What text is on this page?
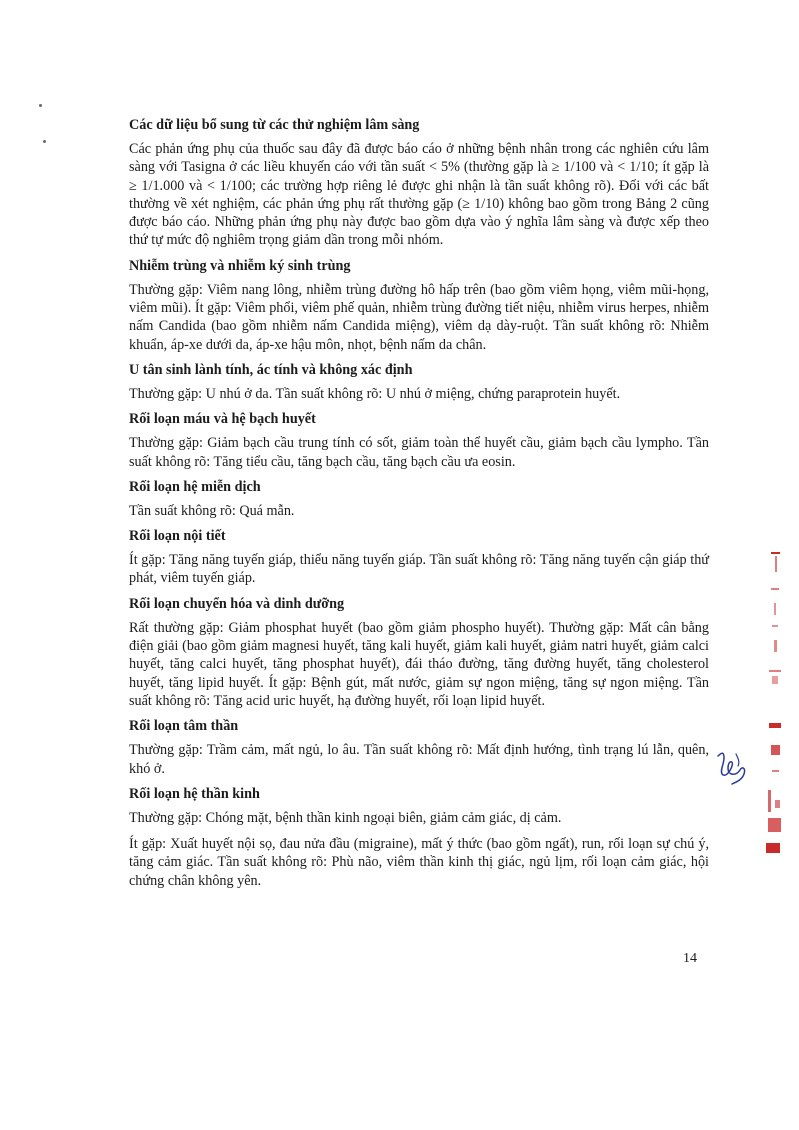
Các dữ liệu bổ sung từ các thử nghiệm lâm sàng

Các phản ứng phụ của thuốc sau đây đã được báo cáo ở những bệnh nhân trong các nghiên cứu lâm sàng với Tasigna ở các liều khuyến cáo với tần suất < 5% (thường gặp là ≥ 1/100 và < 1/10; ít gặp là ≥ 1/1.000 và < 1/100; các trường hợp riêng lẻ được ghi nhận là tần suất không rõ). Đối với các bất thường về xét nghiệm, các phản ứng phụ rất thường gặp (≥ 1/10) không bao gồm trong Bảng 2 cũng được báo cáo. Những phản ứng phụ này được bao gồm dựa vào ý nghĩa lâm sàng và được xếp theo thứ tự mức độ nghiêm trọng giảm dần trong mỗi nhóm.

Nhiễm trùng và nhiễm ký sinh trùng

Thường gặp: Viêm nang lông, nhiễm trùng đường hô hấp trên (bao gồm viêm họng, viêm mũi-họng, viêm mũi). Ít gặp: Viêm phổi, viêm phế quản, nhiễm trùng đường tiết niệu, nhiễm virus herpes, nhiễm nấm Candida (bao gồm nhiễm nấm Candida miệng), viêm dạ dày-ruột. Tần suất không rõ: Nhiễm khuẩn, áp-xe dưới da, áp-xe hậu môn, nhọt, bệnh nấm da chân.

U tân sinh lành tính, ác tính và không xác định

Thường gặp: U nhú ở da. Tần suất không rõ: U nhú ở miệng, chứng paraprotein huyết.

Rối loạn máu và hệ bạch huyết

Thường gặp: Giảm bạch cầu trung tính có sốt, giảm toàn thể huyết cầu, giảm bạch cầu lympho. Tần suất không rõ: Tăng tiểu cầu, tăng bạch cầu, tăng bạch cầu ưa eosin.

Rối loạn hệ miễn dịch

Tần suất không rõ: Quá mẫn.

Rối loạn nội tiết

Ít gặp: Tăng năng tuyến giáp, thiểu năng tuyến giáp. Tần suất không rõ: Tăng năng tuyến cận giáp thứ phát, viêm tuyến giáp.

Rối loạn chuyển hóa và dinh dưỡng

Rất thường gặp: Giảm phosphat huyết (bao gồm giảm phospho huyết). Thường gặp: Mất cân bằng điện giải (bao gồm giảm magnesi huyết, tăng kali huyết, giảm kali huyết, giảm natri huyết, giảm calci huyết, tăng calci huyết, tăng phosphat huyết), đái tháo đường, tăng đường huyết, tăng cholesterol huyết, tăng lipid huyết. Ít gặp: Bệnh gút, mất nước, giảm sự ngon miệng, tăng sự ngon miệng. Tần suất không rõ: Tăng acid uric huyết, hạ đường huyết, rối loạn lipid huyết.

Rối loạn tâm thần

Thường gặp: Trầm cảm, mất ngủ, lo âu. Tần suất không rõ: Mất định hướng, tình trạng lú lẫn, quên, khó ở.

Rối loạn hệ thần kinh

Thường gặp: Chóng mặt, bệnh thần kinh ngoại biên, giảm cảm giác, dị cảm.

Ít gặp: Xuất huyết nội sọ, đau nửa đầu (migraine), mất ý thức (bao gồm ngất), run, rối loạn sự chú ý, tăng cảm giác. Tần suất không rõ: Phù não, viêm thần kinh thị giác, ngủ lịm, rối loạn cảm giác, hội chứng chân không yên.

14
